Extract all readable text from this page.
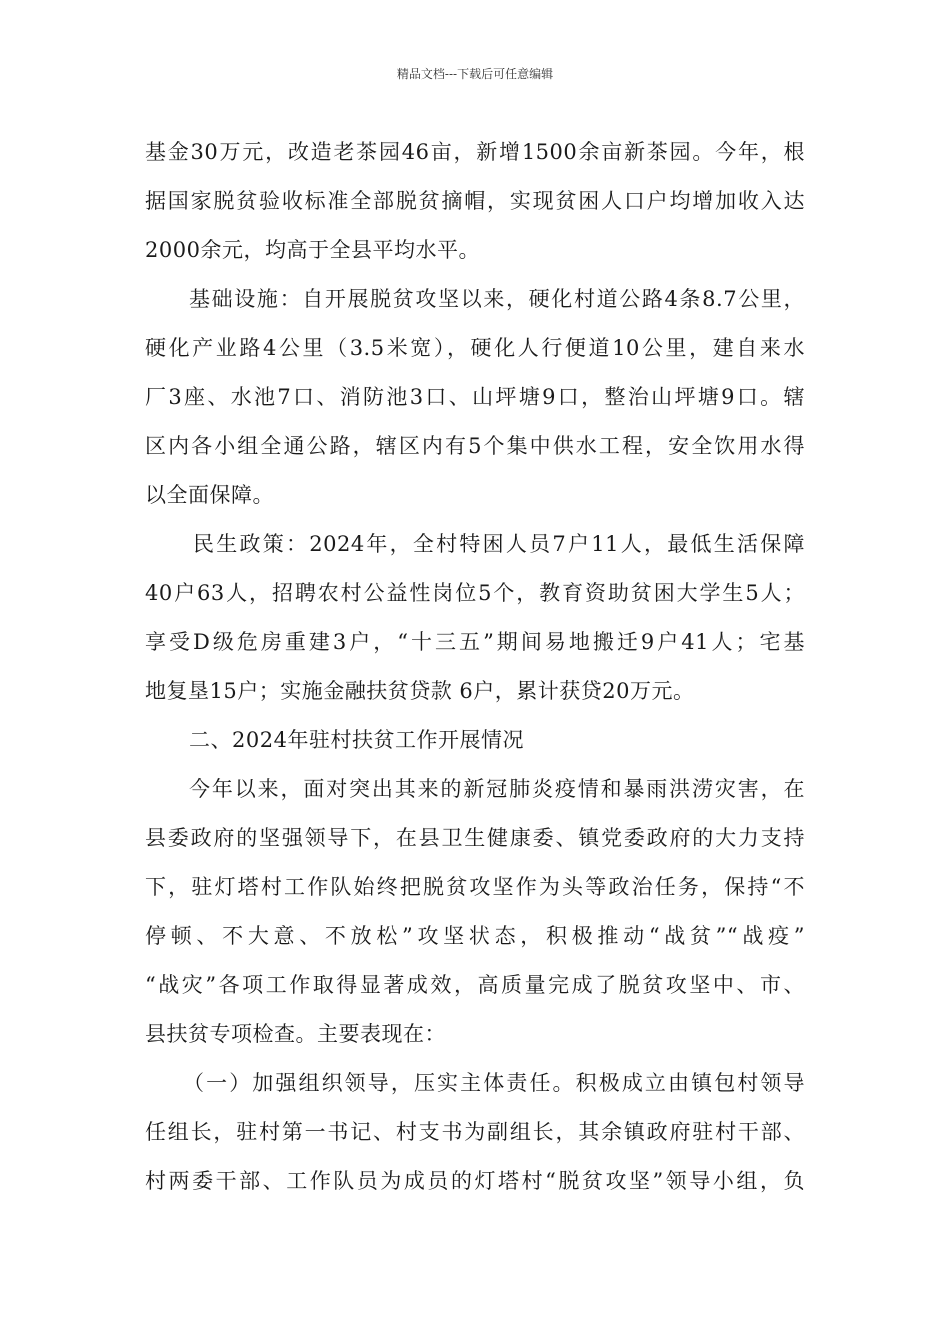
精品文档---下载后可任意编辑
基金30万元，改造老茶园46亩，新增1500余亩新茶园。今年，根
据国家脱贫验收标准全部脱贫摘帽，实现贫困人口户均增加收入达
2000余元，均高于全县平均水平。
基础设施：自开展脱贫攻坚以来，硬化村道公路4条8.7公里，
硬化产业路4公里（3.5米宽），硬化人行便道10公里，建自来水
厂3座、水池7口、消防池3口、山坪塘9口，整治山坪塘9口。辖
区内各小组全通公路，辖区内有5个集中供水工程，安全饮用水得
以全面保障。
民生政策：2024年，全村特困人员7户11人，最低生活保障
40户63人，招聘农村公益性岗位5个，教育资助贫困大学生5人；
享受D级危房重建3户，“十三五”期间易地搬迁9户41人；宅基
地复垦15户；实施金融扶贫贷款 6户，累计获贷20万元。
二、2024年驻村扶贫工作开展情况
今年以来，面对突出其来的新冠肺炎疫情和暴雨洪涝灾害，在
县委政府的坚强领导下，在县卫生健康委、镇党委政府的大力支持
下，驻灯塔村工作队始终把脱贫攻坚作为头等政治任务，保持“不
停顿、不大意、不放松”攻坚状态，积极推动“战贫”“战疫”
“战灾”各项工作取得显著成效，高质量完成了脱贫攻坚中、市、
县扶贫专项检查。主要表现在：
（一）加强组织领导，压实主体责任。积极成立由镇包村领导
任组长，驻村第一书记、村支书为副组长，其余镇政府驻村干部、
村两委干部、工作队员为成员的灯塔村“脱贫攻坚”领导小组，负
